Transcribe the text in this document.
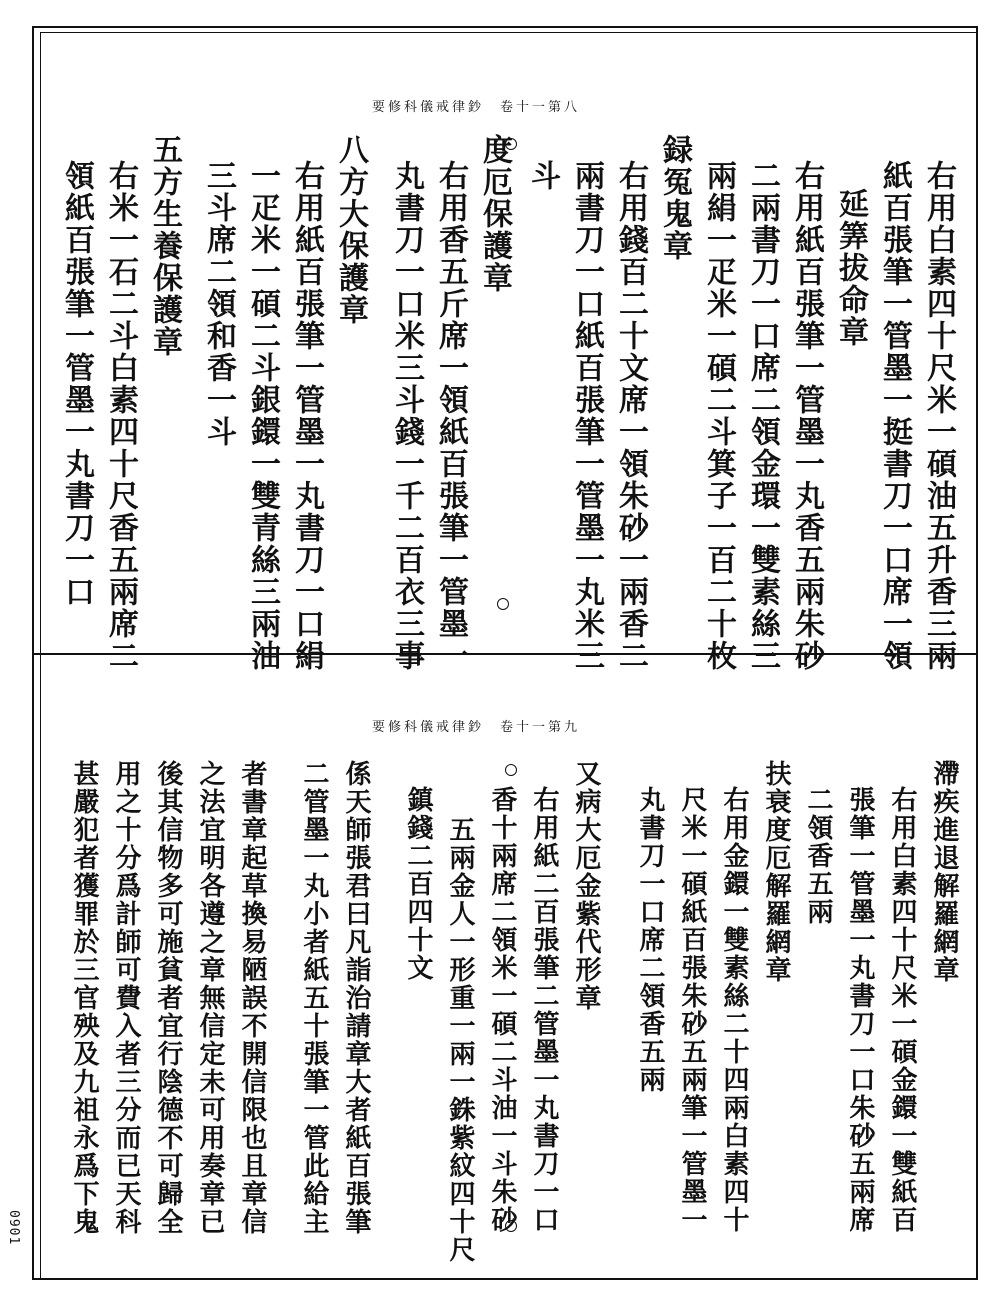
要修科儀戒律鈔　卷十一第八
右用白素四十尺米一碩油五升香三兩
紙百張筆一管墨一挺書刀一口席一領
延筭拔命章
右用紙百張筆一管墨一丸香五兩朱砂
二兩書刀一口席二領金環一雙素絲三
兩絹一疋米一碩二斗箕子一百二十枚
録冤鬼章
右用錢百二十文席一領朱砂一兩香二
兩書刀一口紙百張筆一管墨一丸米三
斗
度厄保護章
右用香五斤席一領紙百張筆一管墨一
丸書刀一口米三斗錢一千二百衣三事
八方大保護章
右用紙百張筆一管墨一丸書刀一口絹
一疋米一碩二斗銀鐶一雙青絲三兩油
三斗席二領和香一斗
五方生養保護章
右米一石二斗白素四十尺香五兩席二
領紙百張筆一管墨一丸書刀一口
要修科儀戒律鈔　卷十一第九
滯疾進退解羅網章
右用白素四十尺米一碩金鐶一雙紙百
張筆一管墨一丸書刀一口朱砂五兩席
二領香五兩
扶衰度厄解羅網章
右用金鐶一雙素絲二十四兩白素四十
尺米一碩紙百張朱砂五兩筆一管墨一
丸書刀一口席二領香五兩
又病大厄金紫代形章
右用紙二百張筆二管墨一丸書刀一口
香十兩席二領米一碩二斗油一斗朱砂
五兩金人一形重一兩一銖紫紋四十尺
鎮錢二百四十文
係天師張君曰凡詣治請章大者紙百張筆
二管墨一丸小者紙五十張筆一管此給主
者書章起草換易陋誤不開信限也且章信
之法宜明各遵之章無信定未可用奏章已
後其信物多可施貧者宜行陰德不可歸全
用之十分爲計師可費入者三分而已天科
甚嚴犯者獲罪於三官殃及九祖永爲下鬼
0901
